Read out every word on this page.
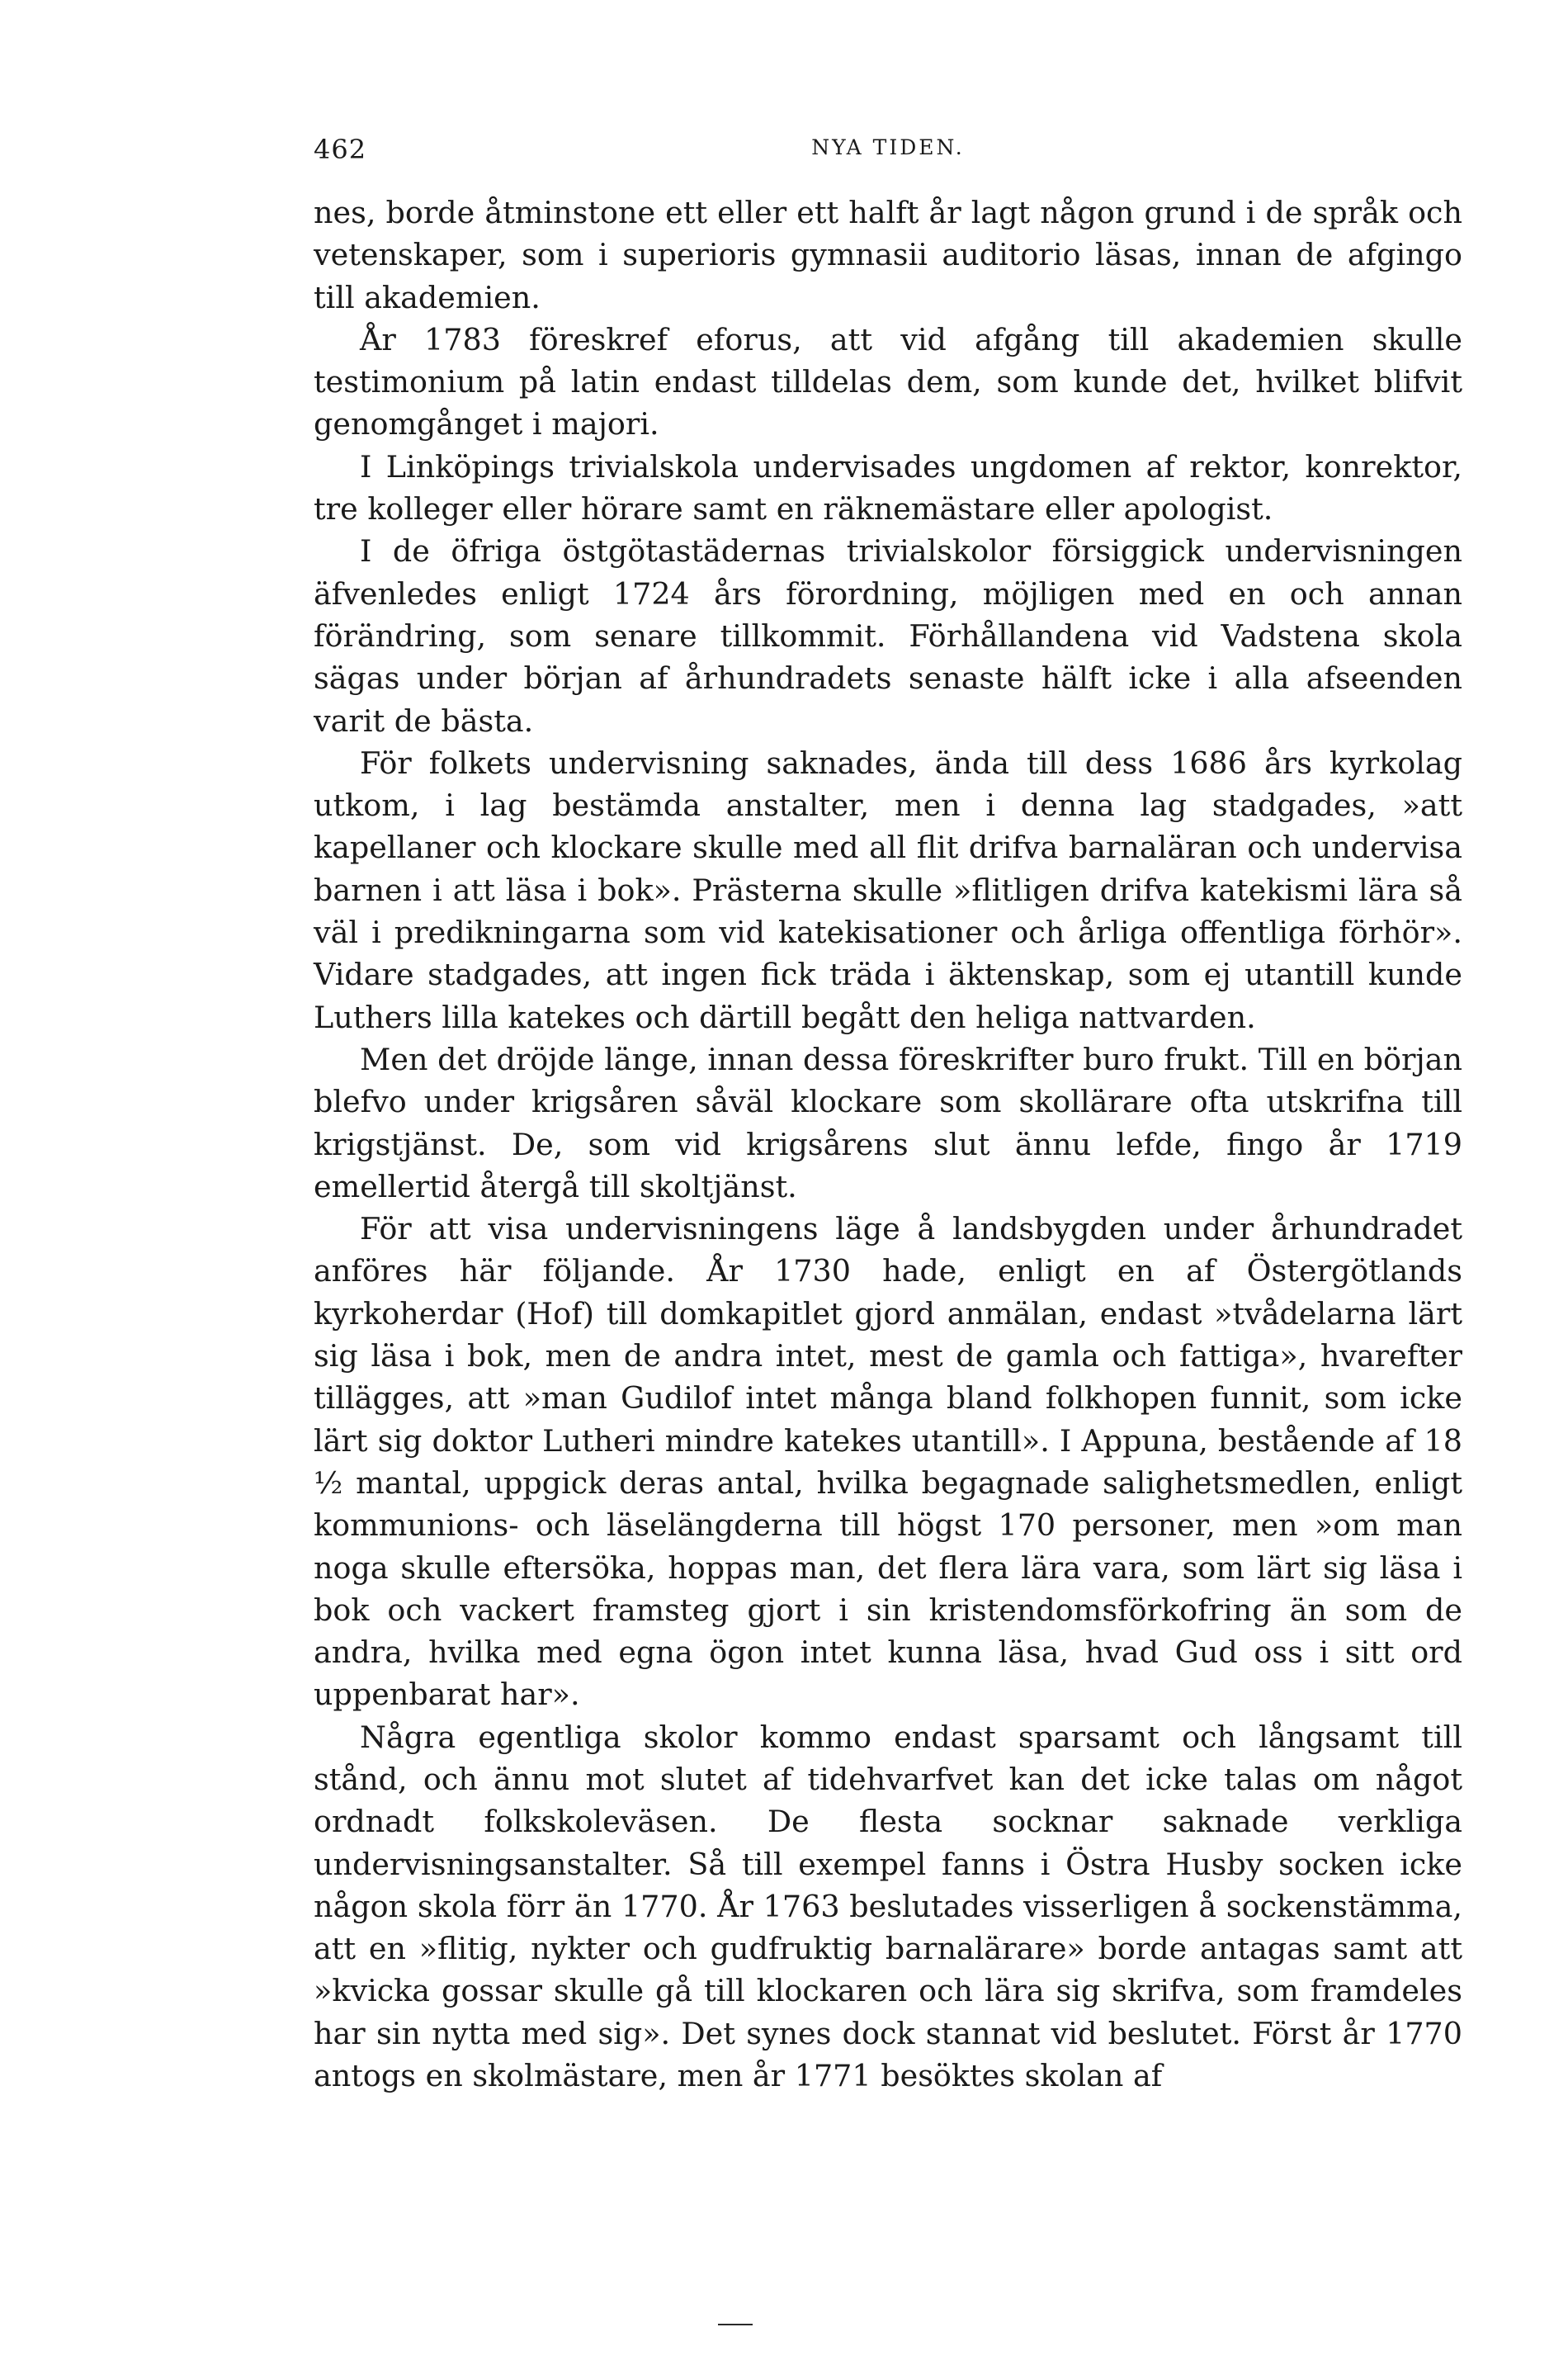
462	NYA TIDEN.

nes, borde åtminstone ett eller ett halft år lagt någon grund i de språk och vetenskaper, som i superioris gymnasii auditorio läsas, innan de afgingo till akademien.

År 1783 föreskref eforus, att vid afgång till akademien skulle testimonium på latin endast tilldelas dem, som kunde det, hvilket blifvit genomgånget i majori.

I Linköpings trivialskola undervisades ungdomen af rektor, konrektor, tre kolleger eller hörare samt en räknemästare eller apologist.

I de öfriga östgötastädernas trivialskolor försiggick undervisningen äfvenledes enligt 1724 års förordning, möjligen med en och annan förändring, som senare tillkommit. Förhållandena vid Vadstena skola sägas under början af århundradets senaste hälft icke i alla afseenden varit de bästa.

För folkets undervisning saknades, ända till dess 1686 års kyrkolag utkom, i lag bestämda anstalter, men i denna lag stadgades, »att kapellaner och klockare skulle med all flit drifva barnaläran och undervisa barnen i att läsa i bok». Prästerna skulle »flitligen drifva katekismi lära så väl i predikningarna som vid katekisationer och årliga offentliga förhör». Vidare stadgades, att ingen fick träda i äktenskap, som ej utantill kunde Luthers lilla katekes och därtill begått den heliga nattvarden.

Men det dröjde länge, innan dessa föreskrifter buro frukt. Till en början blefvo under krigsåren såväl klockare som skollärare ofta utskrifna till krigstjänst. De, som vid krigsårens slut ännu lefde, fingo år 1719 emellertid återgå till skoltjänst.

För att visa undervisningens läge å landsbygden under århundradet anföres här följande. År 1730 hade, enligt en af Östergötlands kyrkoherdar (Hof) till domkapitlet gjord anmälan, endast »tvådelarna lärt sig läsa i bok, men de andra intet, mest de gamla och fattiga», hvarefter tillägges, att »man Gudilof intet många bland folkhopen funnit, som icke lärt sig doktor Lutheri mindre katekes utantill». I Appuna, bestående af 18 ½ mantal, uppgick deras antal, hvilka begagnade salighetsmedlen, enligt kommunions- och läselängderna till högst 170 personer, men »om man noga skulle eftersöka, hoppas man, det flera lära vara, som lärt sig läsa i bok och vackert framsteg gjort i sin kristendomsförkofring än som de andra, hvilka med egna ögon intet kunna läsa, hvad Gud oss i sitt ord uppenbarat har».

Några egentliga skolor kommo endast sparsamt och långsamt till stånd, och ännu mot slutet af tidehvarfvet kan det icke talas om något ordnadt folkskoleväsen. De flesta socknar saknade verkliga undervisningsanstalter. Så till exempel fanns i Östra Husby socken icke någon skola förr än 1770. År 1763 beslutades visserligen å sockenstämma, att en »flitig, nykter och gudfruktig barnalärare» borde antagas samt att »kvicka gossar skulle gå till klockaren och lära sig skrifva, som framdeles har sin nytta med sig». Det synes dock stannat vid beslutet. Först år 1770 antogs en skolmästare, men år 1771 besöktes skolan af
